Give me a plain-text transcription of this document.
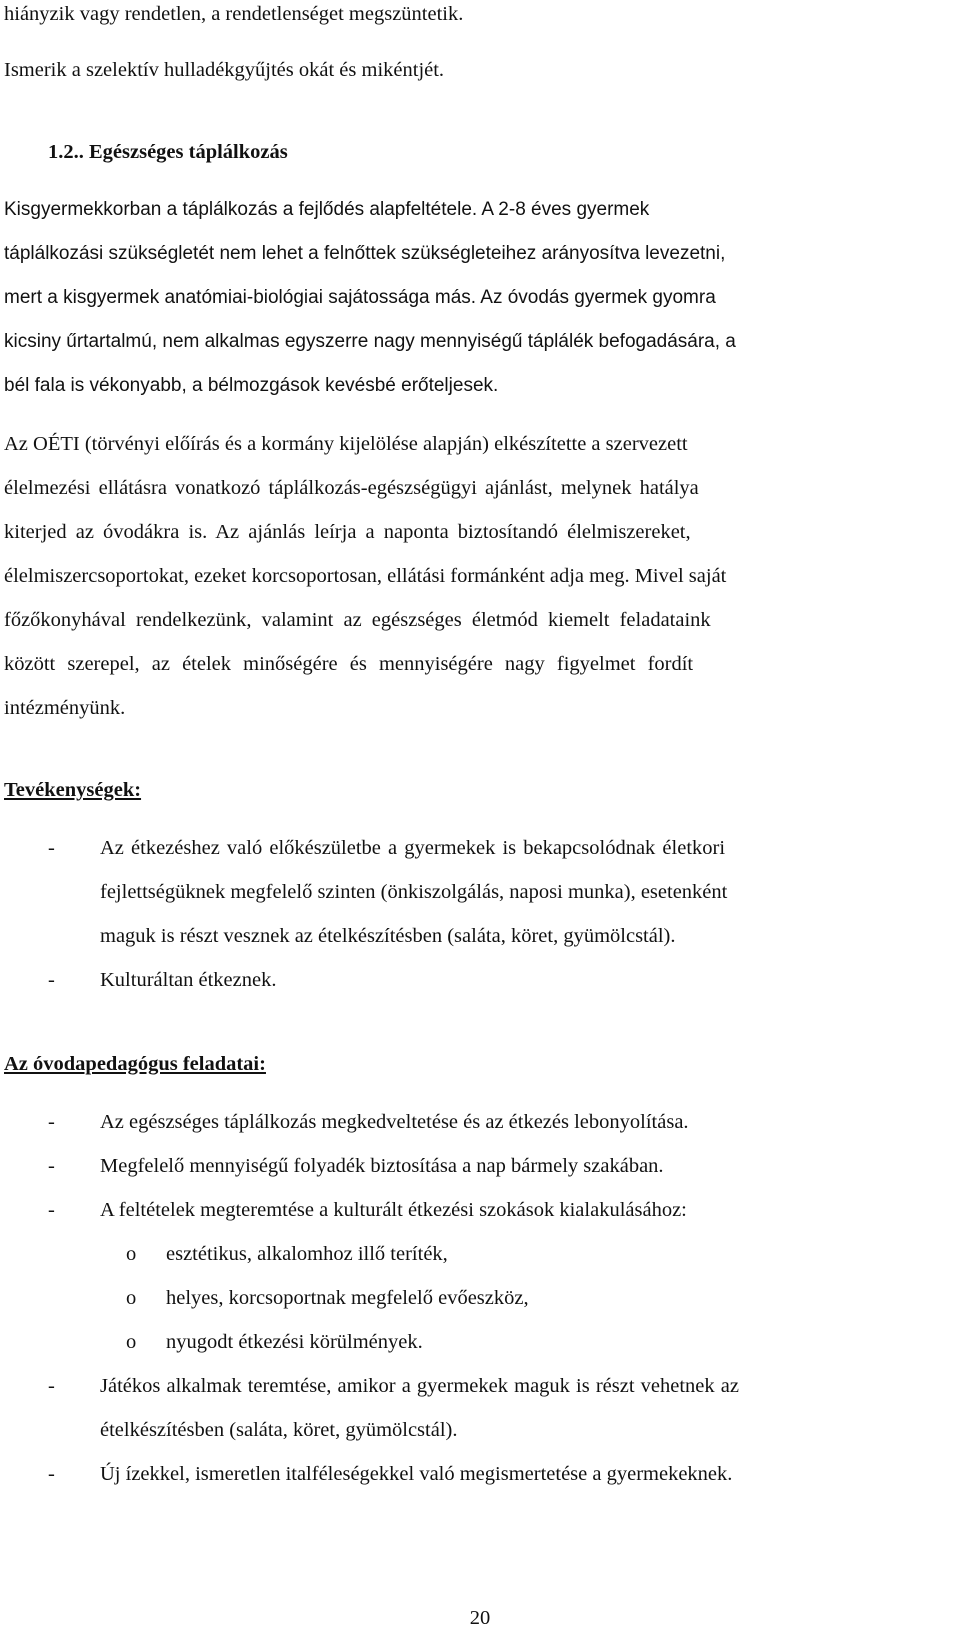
hiányzik vagy rendetlen, a rendetlenséget megszüntetik.
Ismerik a szelektív hulladékgyűjtés okát és mikéntjét.
1.2.. Egészséges táplálkozás
Kisgyermekkorban a táplálkozás a fejlődés alapfeltétele. A 2-8 éves gyermek
táplálkozási szükségletét nem lehet a felnőttek szükségleteihez arányosítva levezetni,
mert a kisgyermek anatómiai-biológiai sajátossága más. Az óvodás gyermek gyomra
kicsiny űrtartalmú, nem alkalmas egyszerre nagy mennyiségű táplálék befogadására, a
bél fala is vékonyabb, a bélmozgások kevésbé erőteljesek.
Az OÉTI (törvényi előírás és a kormány kijelölése alapján) elkészítette a szervezett
élelmezési ellátásra vonatkozó táplálkozás-egészségügyi ajánlást, melynek hatálya
kiterjed az óvodákra is. Az ajánlás leírja a naponta biztosítandó élelmiszereket,
élelmiszercsoportokat, ezeket korcsoportosan, ellátási formánként adja meg. Mivel saját
főzőkonyhával rendelkezünk, valamint az egészséges életmód kiemelt feladataink
között szerepel, az ételek minőségére és mennyiségére nagy figyelmet fordít
intézményünk.
Tevékenységek:
- Az étkezéshez való előkészületbe a gyermekek is bekapcsolódnak életkori
fejlettségüknek megfelelő szinten (önkiszolgálás, naposi munka), esetenként
maguk is részt vesznek az ételkészítésben (saláta, köret, gyümölcstál).
- Kulturáltan étkeznek.
Az óvodapedagógus feladatai:
- Az egészséges táplálkozás megkedveltetése és az étkezés lebonyolítása.
- Megfelelő mennyiségű folyadék biztosítása a nap bármely szakában.
- A feltételek megteremtése a kulturált étkezési szokások kialakulásához:
o esztétikus, alkalomhoz illő teríték,
o helyes, korcsoportnak megfelelő evőeszköz,
o nyugodt étkezési körülmények.
- Játékos alkalmak teremtése, amikor a gyermekek maguk is részt vehetnek az
ételkészítésben (saláta, köret, gyümölcstál).
- Új ízekkel, ismeretlen italféleségekkel való megismertetése a gyermekeknek.
20
